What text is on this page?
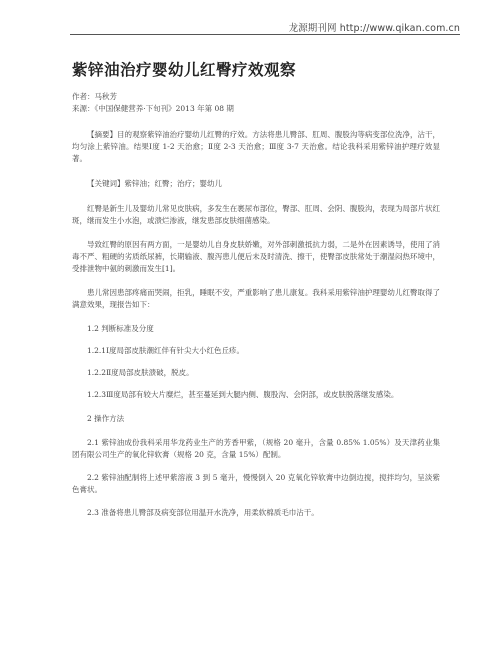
龙源期刊网 http://www.qikan.com.cn
紫锌油治疗婴幼儿红臀疗效观察
作者：马秋芳
来源：《中国保健营养·下旬刊》2013 年第 08 期

【摘要】目的观察紫锌油治疗婴幼儿红臀的疗效。方法将患儿臀部、肛周、腹股沟等病变部位洗净，沾干，均匀涂上紫锌油。结果Ⅰ度 1-2 天治愈；Ⅱ度 2-3 天治愈；Ⅲ度 3-7 天治愈。结论我科采用紫锌油护理疗效显著。

【关键词】紫锌油；红臀；治疗；婴幼儿

红臀是新生儿及婴幼儿常见皮肤病，多发生在裹尿布部位，臀部、肛周、会阴、腹股沟，表现为局部片状红斑，继而发生小水泡，或溃烂渗液，继发患部皮肤细菌感染。

导致红臀的原因有两方面，一是婴幼儿自身皮肤娇嫩，对外部刺激抵抗力弱，二是外在因素诱导，使用了消毒不严、粗硬的劣质纸尿裤，长期输液、腹泻患儿便后未及时清洗、擦干，使臀部皮肤常处于潮湿闷热环境中，受排泄物中氨的刺激而发生[1]。

患儿常因患部疼痛而哭闹，拒乳，睡眠不安，严重影响了患儿康复。我科采用紫锌油护理婴幼儿红臀取得了满意效果，现报告如下：

1.2 判断标准及分度

1.2.1Ⅰ度局部皮肤潮红伴有针尖大小红色丘疹。

1.2.2Ⅱ度局部皮肤溃破，脱皮。

1.2.3Ⅲ度局部有较大片糜烂，甚至蔓延到大腿内侧、腹股沟、会阴部，或皮肤脱落继发感染。

2 操作方法

2.1 紫锌油成份我科采用华龙药业生产的芳香甲紫，（规格 20 毫升，含量 0.85% 1.05%）及天津药业集团有限公司生产的氧化锌软膏（规格 20 克，含量 15%）配制。

2.2 紫锌油配制将上述甲紫溶液 3 到 5 毫升，慢慢倒入 20 克氧化锌软膏中边倒边搅，搅拌均匀，呈淡紫色膏状。

2.3 准备将患儿臀部及病变部位用温开水洗净，用柔软棉质毛巾沾干。
